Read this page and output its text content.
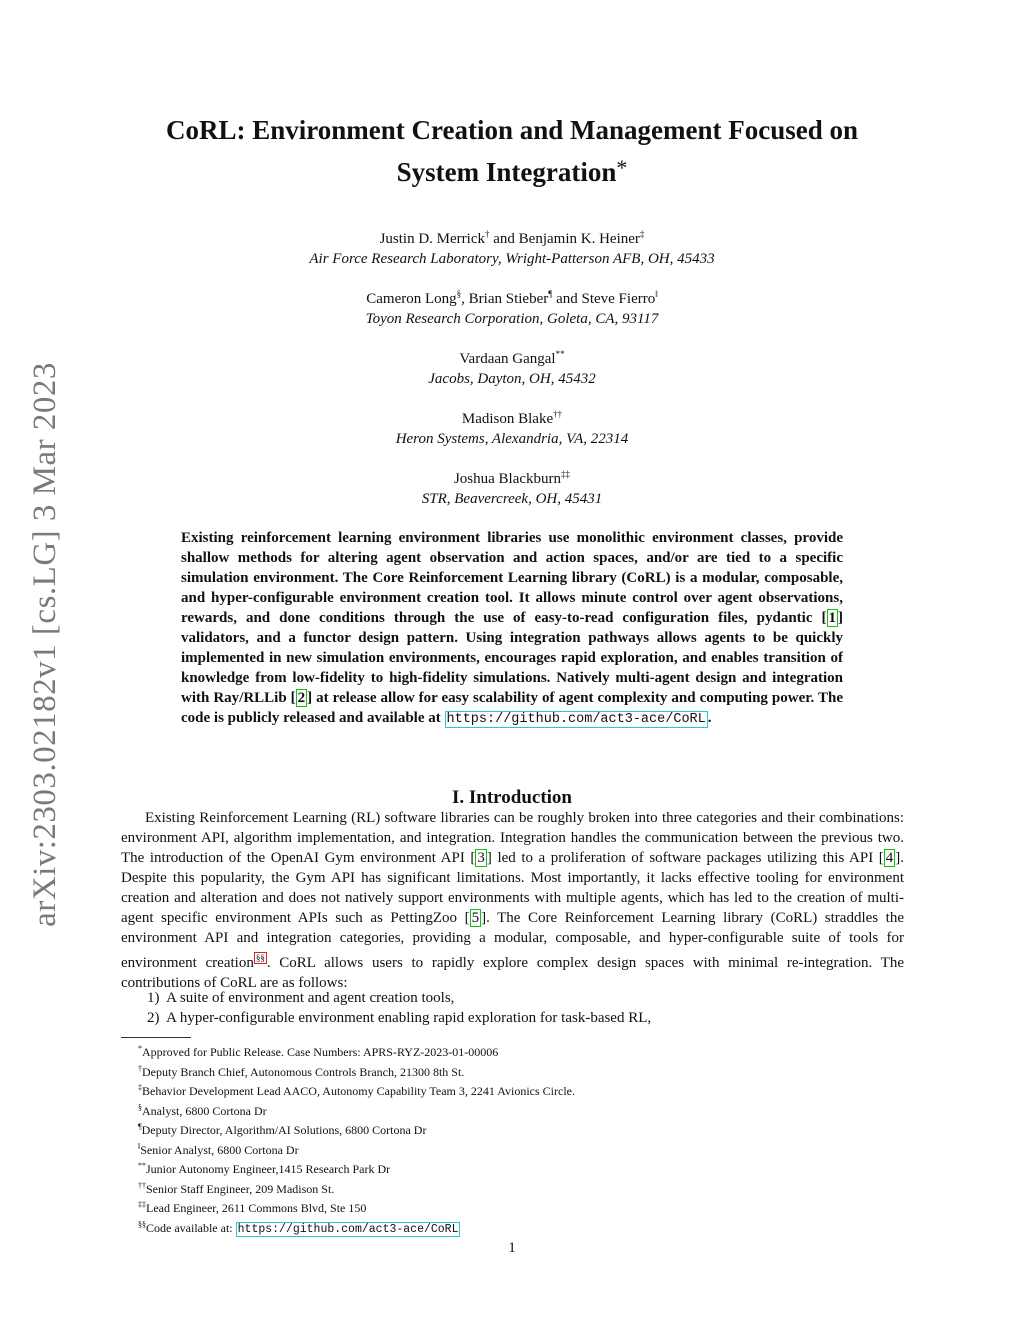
arXiv:2303.02182v1 [cs.LG] 3 Mar 2023
CoRL: Environment Creation and Management Focused on
System Integration*

Justin D. Merrick† and Benjamin K. Heiner‡

Air Force Research Laboratory, Wright-Patterson AFB, OH, 45433

Cameron Long§, Brian Stieber¶ and Steve Fierro‖

Toyon Research Corporation, Goleta, CA, 93117

Vardaan Gangal**

Jacobs, Dayton, OH, 45432

Madison Blake††

Heron Systems, Alexandria, VA, 22314

Joshua Blackburn‡‡

STR, Beavercreek, OH, 45431

Existing reinforcement learning environment libraries use monolithic environment classes, provide shallow methods for altering agent observation and action spaces, and/or are tied to a specific simulation environment. The Core Reinforcement Learning library (CoRL) is a modular, composable, and hyper-configurable environment creation tool. It allows minute control over agent observations, rewards, and done conditions through the use of easy-to-read configuration files, pydantic [ 1 ] validators, and a functor design pattern. Using integration pathways allows agents to be quickly implemented in new simulation environments, encourages rapid exploration, and enables transition of knowledge from low-fidelity to high-fidelity simulations. Natively multi-agent design and integration with Ray/RLLib [ 2 ] at release allow for easy scalability of agent complexity and computing power. The code is publicly released and available at https://github.com/act3-ace/CoRL .

I. Introduction

Existing Reinforcement Learning (RL) software libraries can be roughly broken into three categories and their combinations: environment API, algorithm implementation, and integration. Integration handles the communication between the previous two. The introduction of the OpenAI Gym environment API [ 3 ] led to a proliferation of software packages utilizing this API [ 4 ]. Despite this popularity, the Gym API has significant limitations. Most importantly, it lacks effective tooling for environment creation and alteration and does not natively support environments with multiple agents, which has led to the creation of multi-agent specific environment APIs such as PettingZoo [ 5 ]. The Core Reinforcement Learning library (CoRL) straddles the environment API and integration categories, providing a modular, composable, and hyper-configurable suite of tools for environment creation §§ . CoRL allows users to rapidly explore complex design spaces with minimal re-integration. The contributions of CoRL are as follows:

1)  A suite of environment and agent creation tools,
2)  A hyper-configurable environment enabling rapid exploration for task-based RL,
*Approved for Public Release. Case Numbers: APRS-RYZ-2023-01-00006
†Deputy Branch Chief, Autonomous Controls Branch, 21300 8th St.
‡Behavior Development Lead AACO, Autonomy Capability Team 3, 2241 Avionics Circle.
§Analyst, 6800 Cortona Dr
¶Deputy Director, Algorithm/AI Solutions, 6800 Cortona Dr
‖Senior Analyst, 6800 Cortona Dr
**Junior Autonomy Engineer,1415 Research Park Dr
††Senior Staff Engineer, 209 Madison St.
‡‡Lead Engineer, 2611 Commons Blvd, Ste 150
§§Code available at: https://github.com/act3-ace/CoRL

1
